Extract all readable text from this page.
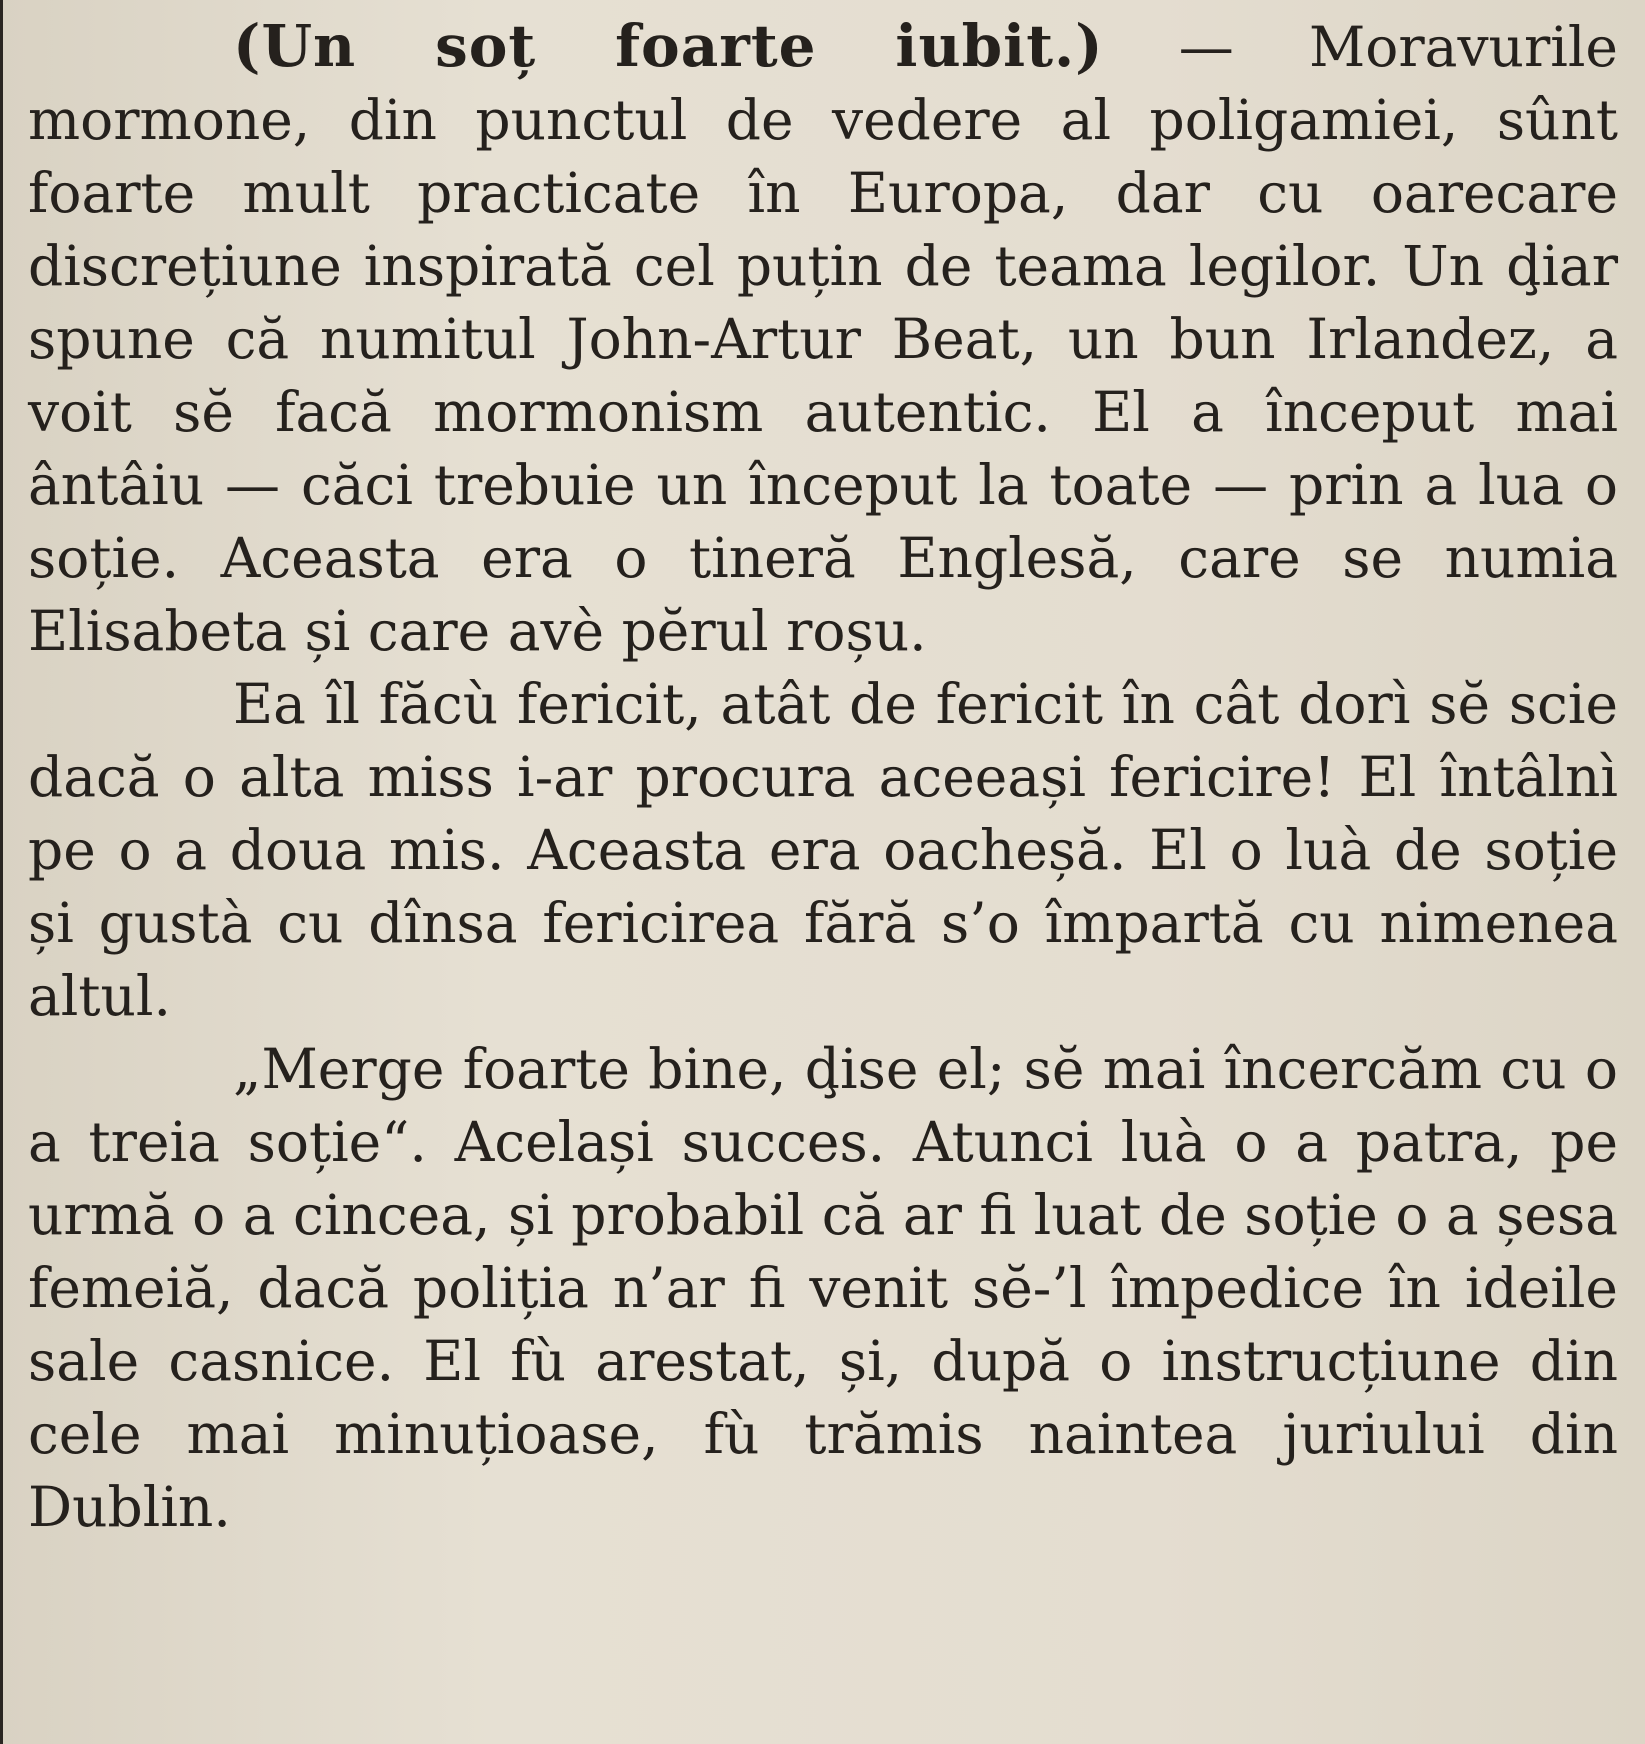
(Un soț foarte iubit.) — Moravurile mormone, din punctul de vedere al poligamiei, sûnt foarte mult practicate în Europa, dar cu oarecare discrețiune inspirată cel puțin de teama legilor. Un ḑiar spune că numitul John-Artur Beat, un bun Irlandez, a voit sĕ facă mormonism autentic. El a început mai ântâiu — căci trebuie un început la toate — prin a lua o soție. Aceasta era o tineră Englesă, care se numia Elisabeta și care avè pĕrul roșu.

Ea îl făcù fericit, atât de fericit în cât dorì sĕ scie dacă o alta miss i-ar procura aceeași fericire! El întâlnì pe o a doua mis. Aceasta era oacheșă. El o luà de soție și gustà cu dînsa fericirea fără s’o împartă cu nimenea altul.

„Merge foarte bine, ḑise el; sĕ mai încercăm cu o a treia soție“. Același succes. Atunci luà o a patra, pe urmă o a cincea, și probabil că ar fi luat de soție o a șesa femeiă, dacă poliția n’ar fi venit sĕ-’l împedice în ideile sale casnice. El fù arestat, și, după o instrucțiune din cele mai minuțioase, fù trămis naintea juriului din Dublin.
